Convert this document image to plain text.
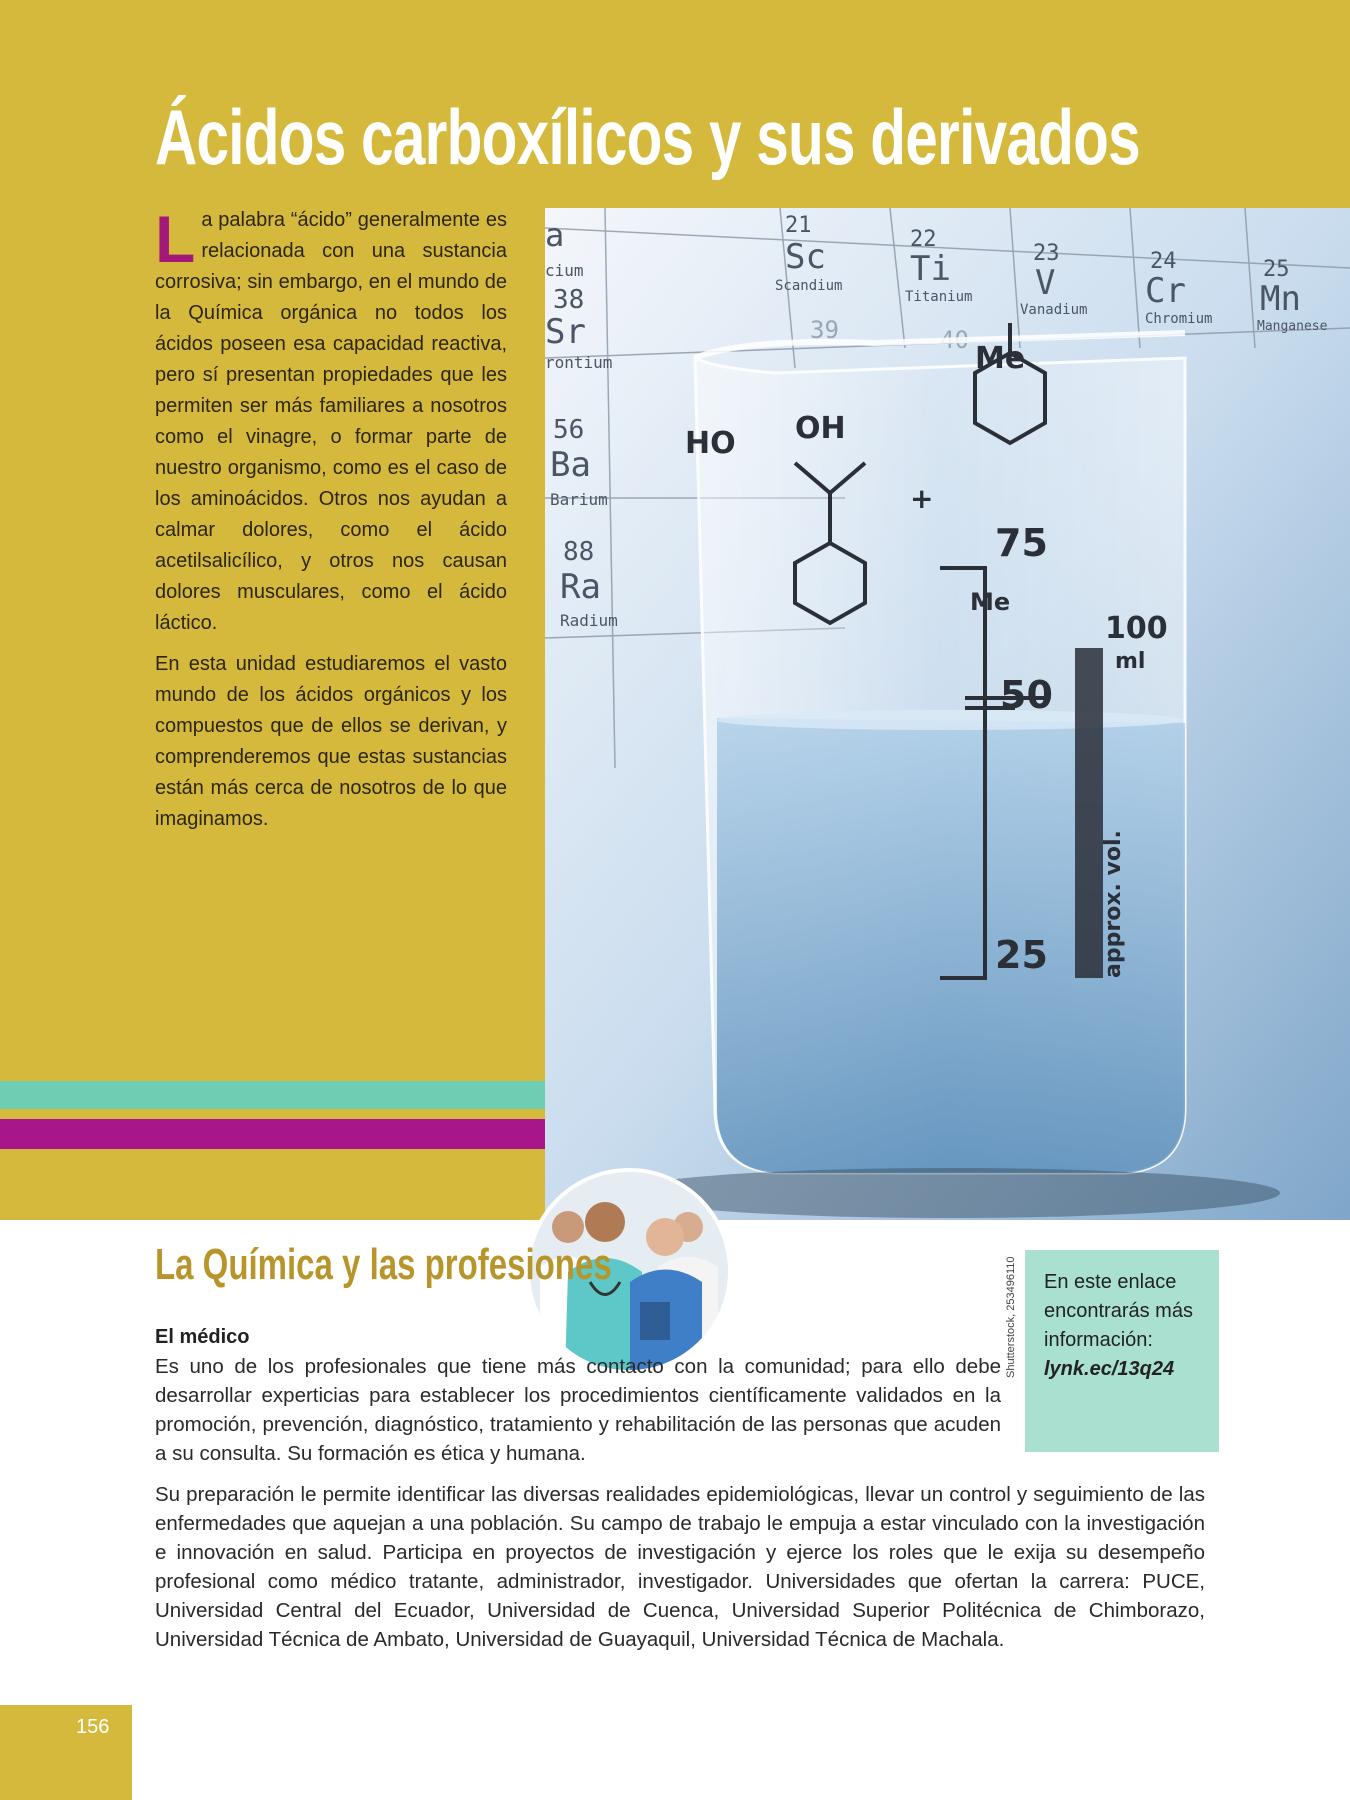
Ácidos carboxílicos y sus derivados

La palabra “ácido” generalmente es relacionada con una sustancia corrosiva; sin embargo, en el mundo de la Química orgánica no todos los ácidos poseen esa capacidad reactiva, pero sí presentan propiedades que les permiten ser más familiares a nosotros como el vinagre, o formar parte de nuestro organismo, como es el caso de los aminoácidos. Otros nos ayudan a calmar dolores, como el ácido acetilsalicílico, y otros nos causan dolores musculares, como el ácido láctico.

En esta unidad estudiaremos el vasto mundo de los ácidos orgánicos y los compuestos que de ellos se derivan, y comprenderemos que estas sustancias están más cerca de nosotros de lo que imaginamos.

a
cium
38
Sr
rontium
56
Ba
Barium
88
Ra
Radium
21
Sc
Scandium
22
Ti
Titanium
23
V
Vanadium
24
Cr
Chromium
25
Mn
Manganese
39	40
HO OH
Me
Me
+
75
50
25
100
ml
approx. vol.
La Química y las profesiones	Shutterstock, 253496110	En este enlace encontrarás más información:
lynk.ec/13q24
El médico

Es uno de los profesionales que tiene más contacto con la comunidad; para ello debe desarrollar experticias para establecer los procedimientos científicamente validados en la promoción, prevención, diagnóstico, tratamiento y rehabilitación de las personas que acuden a su consulta. Su formación es ética y humana.

Su preparación le permite identificar las diversas realidades epidemiológicas, llevar un control y seguimiento de las enfermedades que aquejan a una población. Su campo de trabajo le empuja a estar vinculado con la investigación e innovación en salud. Participa en proyectos de investigación y ejerce los roles que le exija su desempeño profesional como médico tratante, administrador, investigador. Universidades que ofertan la carrera: PUCE, Universidad Central del Ecuador, Universidad de Cuenca, Universidad Superior Politécnica de Chimborazo, Universidad Técnica de Ambato, Universidad de Guayaquil, Universidad Técnica de Machala.

156
